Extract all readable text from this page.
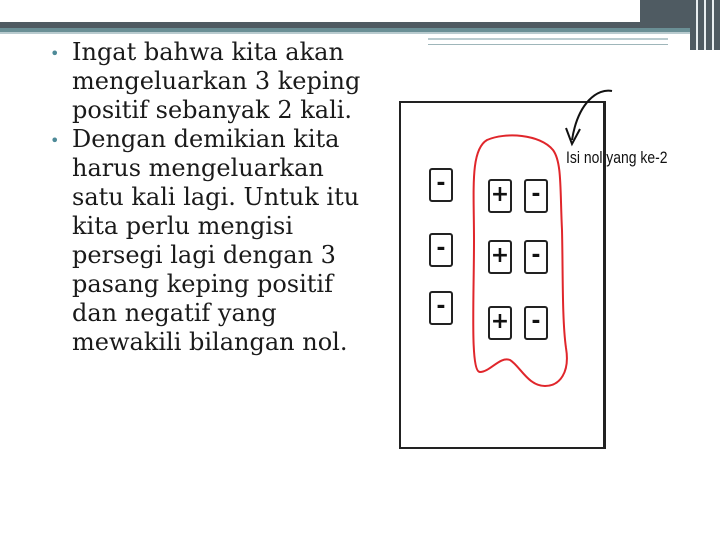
• Ingat bahwa kita akan mengeluarkan 3 keping positif sebanyak 2 kali.
• Dengan demikian kita harus mengeluarkan satu kali lagi. Untuk itu kita perlu mengisi persegi lagi dengan 3 pasang keping positif dan negatif yang mewakili bilangan nol.
-	+	-
-	+	-
-
+	-
Isi nol yang ke-2
